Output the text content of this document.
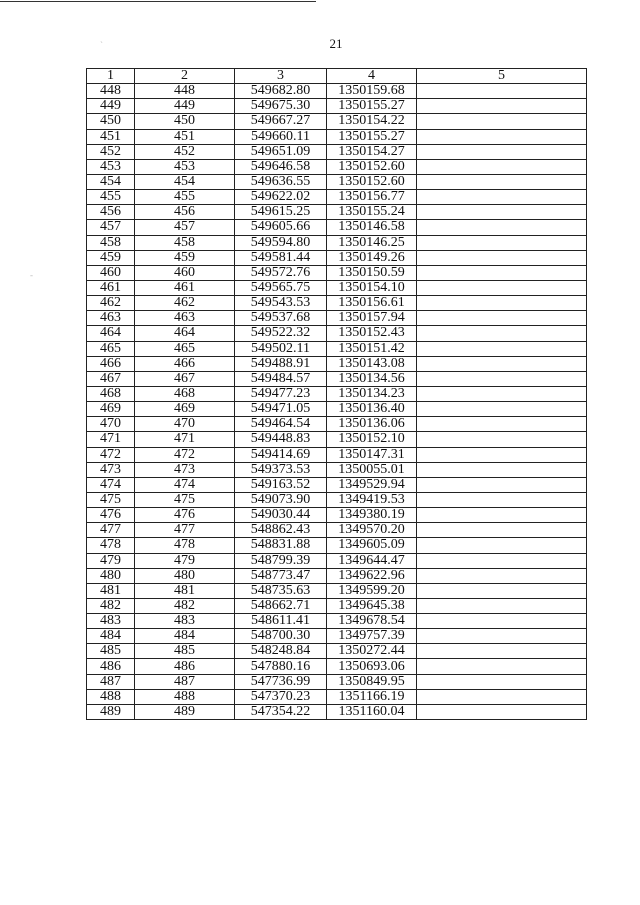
`
-
21
1	2	3	4	5
448	448	549682.80	1350159.68	
449	449	549675.30	1350155.27	
450	450	549667.27	1350154.22	
451	451	549660.11	1350155.27	
452	452	549651.09	1350154.27	
453	453	549646.58	1350152.60	
454	454	549636.55	1350152.60	
455	455	549622.02	1350156.77	
456	456	549615.25	1350155.24	
457	457	549605.66	1350146.58	
458	458	549594.80	1350146.25	
459	459	549581.44	1350149.26	
460	460	549572.76	1350150.59	
461	461	549565.75	1350154.10	
462	462	549543.53	1350156.61	
463	463	549537.68	1350157.94	
464	464	549522.32	1350152.43	
465	465	549502.11	1350151.42	
466	466	549488.91	1350143.08	
467	467	549484.57	1350134.56	
468	468	549477.23	1350134.23	
469	469	549471.05	1350136.40	
470	470	549464.54	1350136.06	
471	471	549448.83	1350152.10	
472	472	549414.69	1350147.31	
473	473	549373.53	1350055.01	
474	474	549163.52	1349529.94	
475	475	549073.90	1349419.53	
476	476	549030.44	1349380.19	
477	477	548862.43	1349570.20	
478	478	548831.88	1349605.09	
479	479	548799.39	1349644.47	
480	480	548773.47	1349622.96	
481	481	548735.63	1349599.20	
482	482	548662.71	1349645.38	
483	483	548611.41	1349678.54	
484	484	548700.30	1349757.39	
485	485	548248.84	1350272.44	
486	486	547880.16	1350693.06	
487	487	547736.99	1350849.95	
488	488	547370.23	1351166.19	
489	489	547354.22	1351160.04	
